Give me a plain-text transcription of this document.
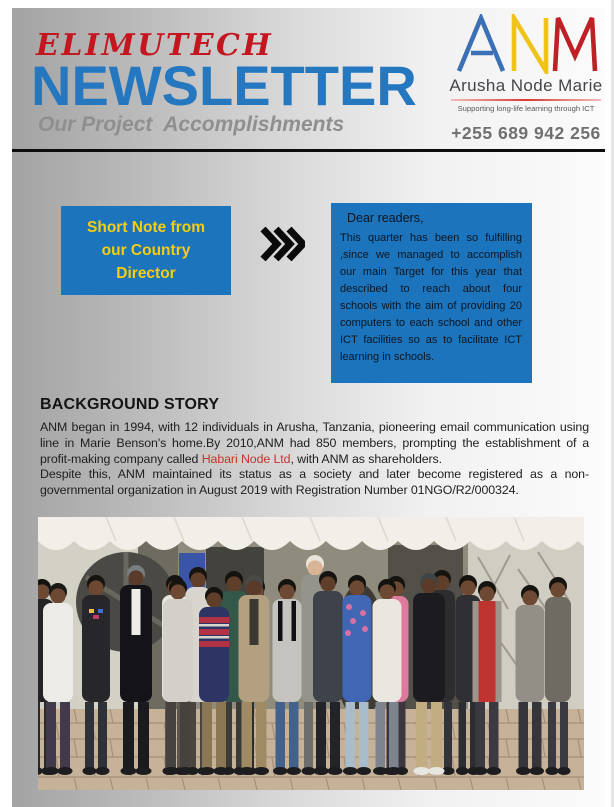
ELIMUTECH
NEWSLETTER
Our Project  Accomplishments
Arusha Node Marie
Supporting long-life learning through ICT
+255 689 942 256
Short Note from our Country Director
Dear readers,
This quarter has been so fulfilling ,since we managed to accomplish our main Target for this year that described to reach about four schools with the aim of providing 20 computers to each school and other ICT facilities so as to facilitate ICT learning in schools.
BACKGROUND STORY
ANM began in 1994, with 12 individuals in Arusha, Tanzania, pioneering email communication using line in Marie Benson's home.By 2010,ANM had 850 members, prompting the establishment of a profit-making company called Habari Node Ltd, with ANM as shareholders.
Despite this, ANM maintained its status as a society and later become registered as a non-governmental organization in August 2019 with Registration Number 01NGO/R2/000324.
